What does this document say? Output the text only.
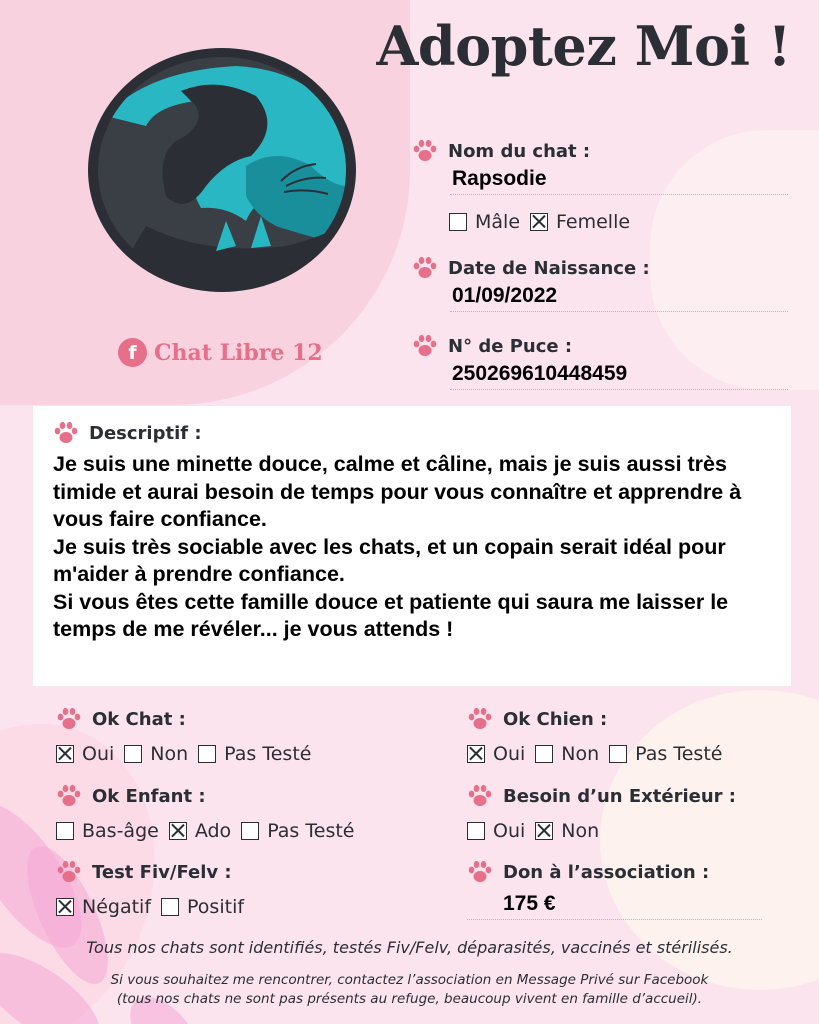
Adoptez Moi !
f Chat Libre 12
Nom du chat :
Rapsodie
Mâle Femelle
Date de Naissance :
01/09/2022
N° de Puce :
250269610448459
Descriptif :

Je suis une minette douce, calme et câline, mais je suis aussi très timide et aurai besoin de temps pour vous connaître et apprendre à vous faire confiance.

Je suis très sociable avec les chats, et un copain serait idéal pour m'aider à prendre confiance.

Si vous êtes cette famille douce et patiente qui saura me laisser le temps de me révéler... je vous attends !

Ok Chat :
Oui Non Pas Testé
Ok Chien :
Oui Non Pas Testé
Ok Enfant :
Bas-âge Ado Pas Testé
Besoin d’un Extérieur :
Oui Non
Test Fiv/Felv :
Négatif Positif
Don à l’association :
175 €
Tous nos chats sont identifiés, testés Fiv/Felv, déparasités, vaccinés et stérilisés.
Si vous souhaitez me rencontrer, contactez l’association en Message Privé sur Facebook
(tous nos chats ne sont pas présents au refuge, beaucoup vivent en famille d’accueil).
